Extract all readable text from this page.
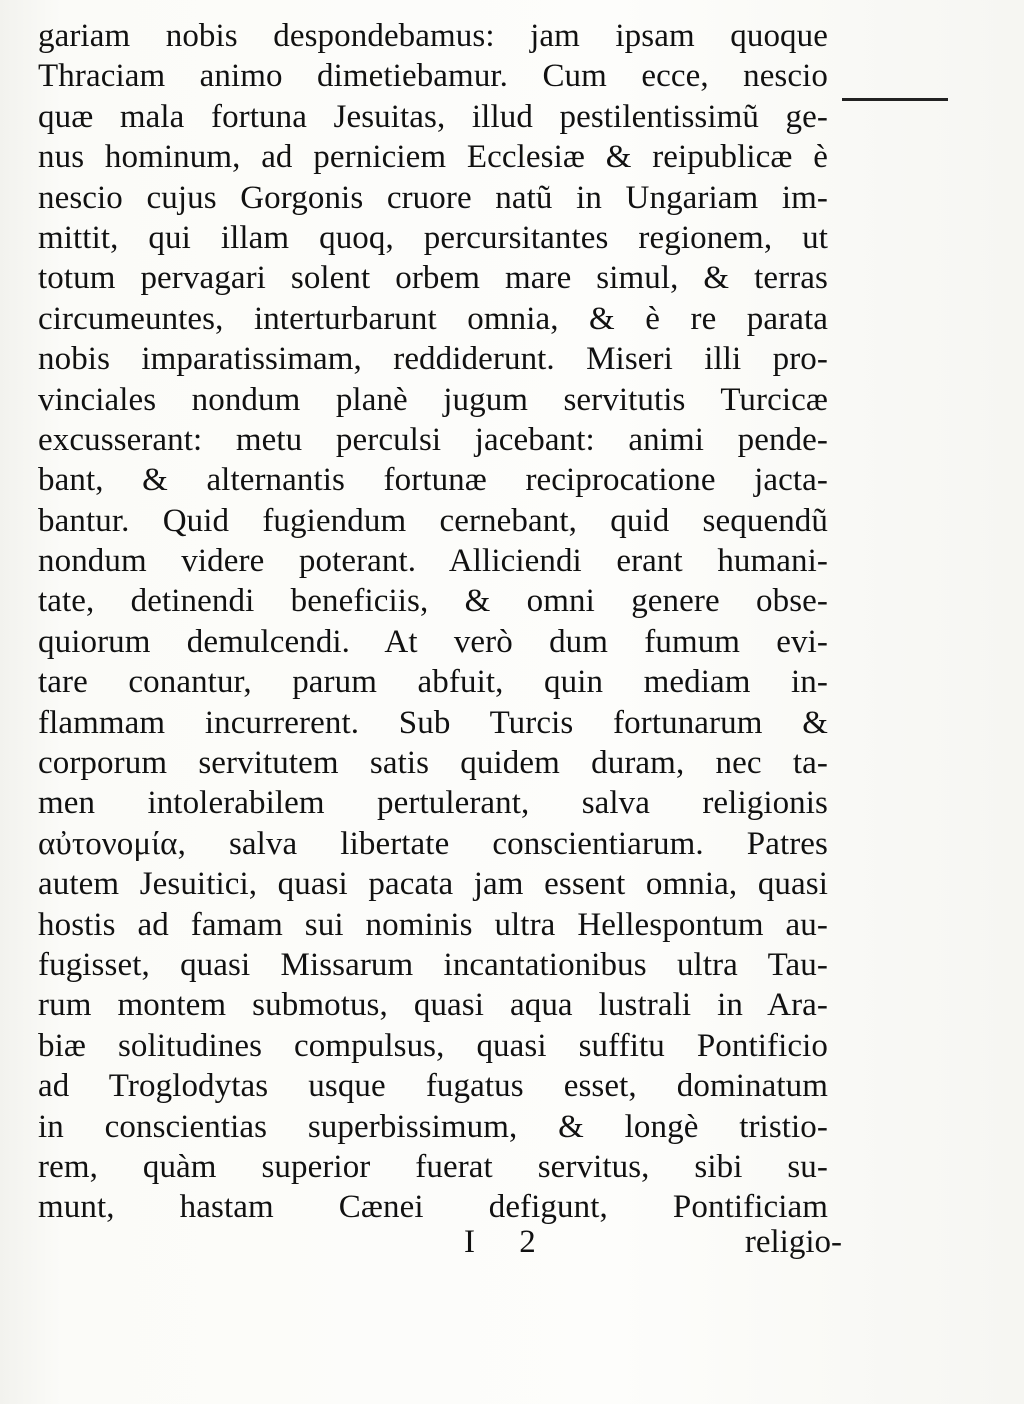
gariam nobis despondebamus: jam ipsam quoque
Thraciam animo dimetiebamur. Cum ecce, nescio
quæ mala fortuna Jesuitas, illud pestilentissimũ ge-
nus hominum, ad perniciem Ecclesiæ & reipublicæ è
nescio cujus Gorgonis cruore natũ in Ungariam im-
mittit, qui illam quoq, percursitantes regionem, ut
totum pervagari solent orbem mare simul, & terras
circumeuntes, interturbarunt omnia, & è re parata
nobis imparatissimam, reddiderunt. Miseri illi pro-
vinciales nondum planè jugum servitutis Turcicæ
excusserant: metu perculsi jacebant: animi pende-
bant, & alternantis fortunæ reciprocatione jacta-
bantur. Quid fugiendum cernebant, quid sequendũ
nondum videre poterant. Alliciendi erant humani-
tate, detinendi beneficiis, & omni genere obse-
quiorum demulcendi. At verò dum fumum evi-
tare conantur, parum abfuit, quin mediam in-
flammam incurrerent. Sub Turcis fortunarum &
corporum servitutem satis quidem duram, nec ta-
men intolerabilem pertulerant, salva religionis
αὐτονομία, salva libertate conscientiarum. Patres
autem Jesuitici, quasi pacata jam essent omnia, quasi
hostis ad famam sui nominis ultra Hellespontum au-
fugisset, quasi Missarum incantationibus ultra Tau-
rum montem submotus, quasi aqua lustrali in Ara-
biæ solitudines compulsus, quasi suffitu Pontificio
ad Troglodytas usque fugatus esset, dominatum
in conscientias superbissimum, & longè tristio-
rem, quàm superior fuerat servitus, sibi su-
munt, hastam Cænei defigunt, Pontificiam
I 2	religio-
